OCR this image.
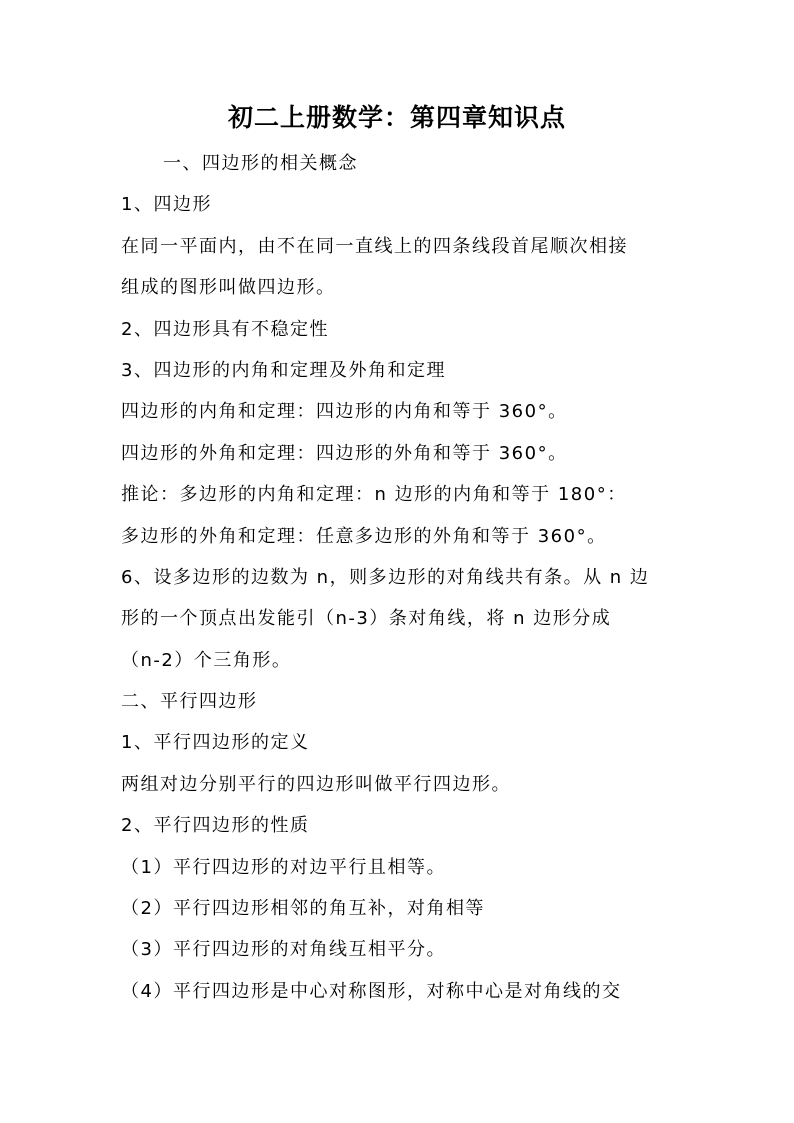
初二上册数学：第四章知识点
一、四边形的相关概念
1、四边形
在同一平面内，由不在同一直线上的四条线段首尾顺次相接
组成的图形叫做四边形。
2、四边形具有不稳定性
3、四边形的内角和定理及外角和定理
四边形的内角和定理：四边形的内角和等于 360°。
四边形的外角和定理：四边形的外角和等于 360°。
推论：多边形的内角和定理：n 边形的内角和等于 180°：
多边形的外角和定理：任意多边形的外角和等于 360°。
6、设多边形的边数为 n，则多边形的对角线共有条。从 n 边
形的一个顶点出发能引（n-3）条对角线，将 n 边形分成
（n-2）个三角形。
二、平行四边形
1、平行四边形的定义
两组对边分别平行的四边形叫做平行四边形。
2、平行四边形的性质
（1）平行四边形的对边平行且相等。
（2）平行四边形相邻的角互补，对角相等
（3）平行四边形的对角线互相平分。
（4）平行四边形是中心对称图形，对称中心是对角线的交
